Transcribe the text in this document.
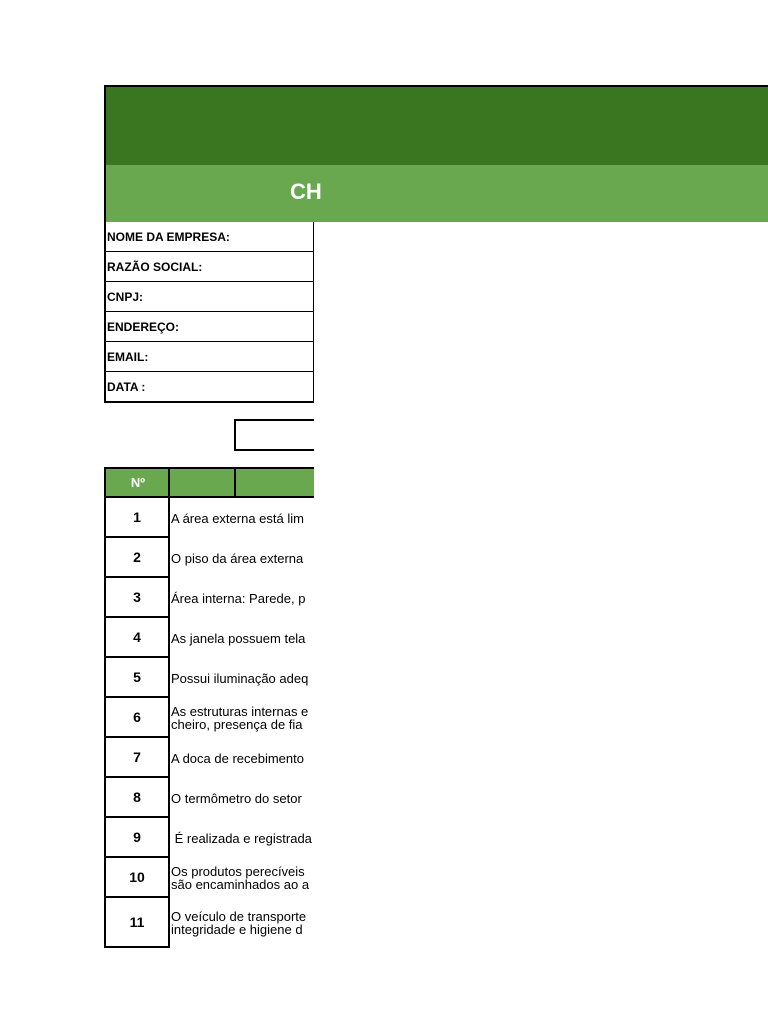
CH
NOME DA EMPRESA:
RAZÃO SOCIAL:
CNPJ:
ENDEREÇO:
EMAIL:
DATA :
Nº
1	A área externa está lim
2	O piso da área externa
3	Área interna: Parede, p
4	As janela possuem tela
5	Possui iluminação adeq
6	As estruturas internas e
cheiro, presença de fia
7	A doca de recebimento
8	O termômetro do setor
9	É realizada e registrada
10	Os produtos perecíveis
são encaminhados ao a
11	O veículo de transporte
integridade e higiene d
